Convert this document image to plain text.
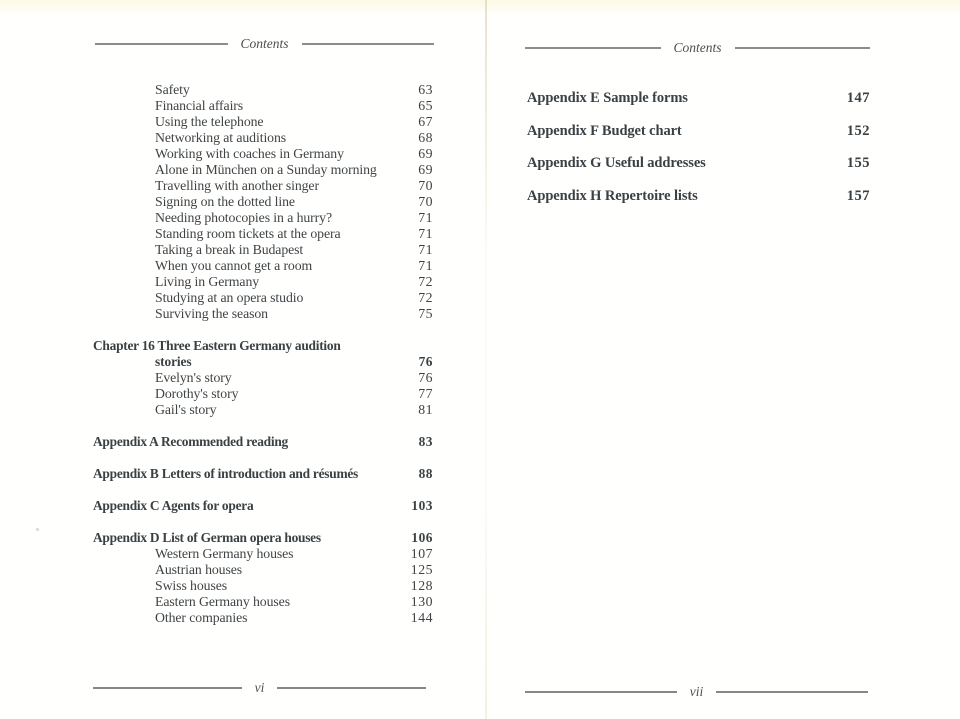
Contents
Safety	63
Financial affairs	65
Using the telephone	67
Networking at auditions	68
Working with coaches in Germany	69
Alone in München on a Sunday morning	69
Travelling with another singer	70
Signing on the dotted line	70
Needing photocopies in a hurry?	71
Standing room tickets at the opera	71
Taking a break in Budapest	71
When you cannot get a room	71
Living in Germany	72
Studying at an opera studio	72
Surviving the season	75
Chapter 16 Three Eastern Germany audition
stories	76
Evelyn's story	76
Dorothy's story	77
Gail's story	81
Appendix A Recommended reading	83
Appendix B Letters of introduction and résumés	88
Appendix C Agents for opera	103
Appendix D List of German opera houses	106
Western Germany houses	107
Austrian houses	125
Swiss houses	128
Eastern Germany houses	130
Other companies	144
vi
Contents
Appendix E Sample forms	147
Appendix F Budget chart	152
Appendix G Useful addresses	155
Appendix H Repertoire lists	157
vii
